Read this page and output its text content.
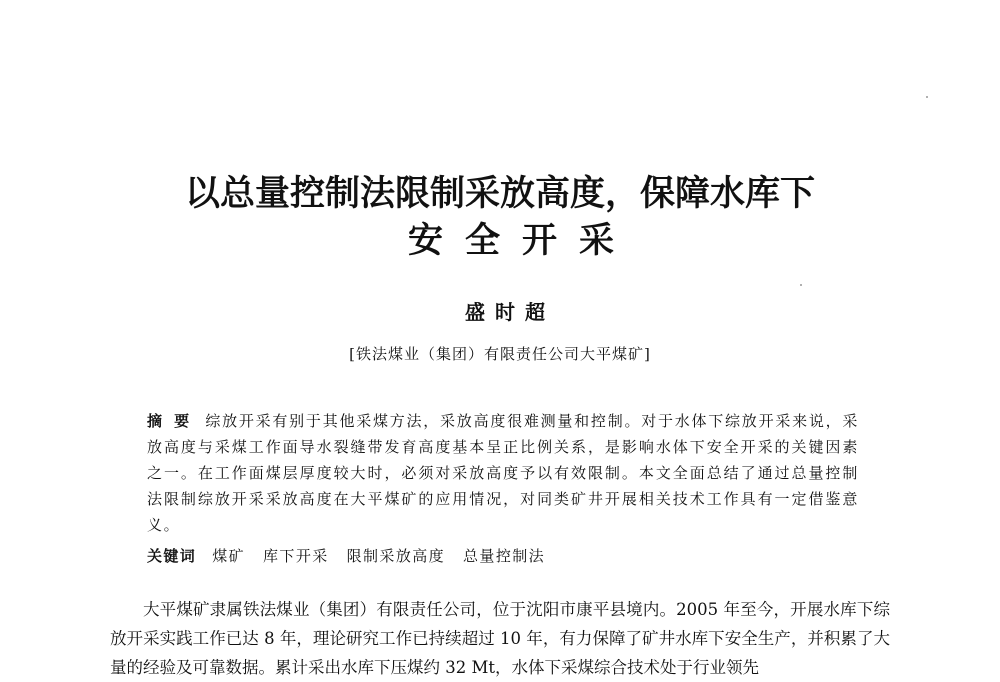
以总量控制法限制采放高度，保障水库下
安全开采
盛时超
[铁法煤业（集团）有限责任公司大平煤矿]

摘要 综放开采有别于其他采煤方法，采放高度很难测量和控制。对于水体下综放开采来说，采放高度与采煤工作面导水裂缝带发育高度基本呈正比例关系，是影响水体下安全开采的关键因素之一。在工作面煤层厚度较大时，必须对采放高度予以有效限制。本文全面总结了通过总量控制法限制综放开采采放高度在大平煤矿的应用情况，对同类矿井开展相关技术工作具有一定借鉴意义。

关键词 煤矿 库下开采 限制采放高度 总量控制法

大平煤矿隶属铁法煤业（集团）有限责任公司，位于沈阳市康平县境内。2005 年至今，开展水库下综放开采实践工作已达 8 年，理论研究工作已持续超过 10 年，有力保障了矿井水库下安全生产，并积累了大量的经验及可靠数据。累计采出水库下压煤约 32 Mt，水体下采煤综合技术处于行业领先
